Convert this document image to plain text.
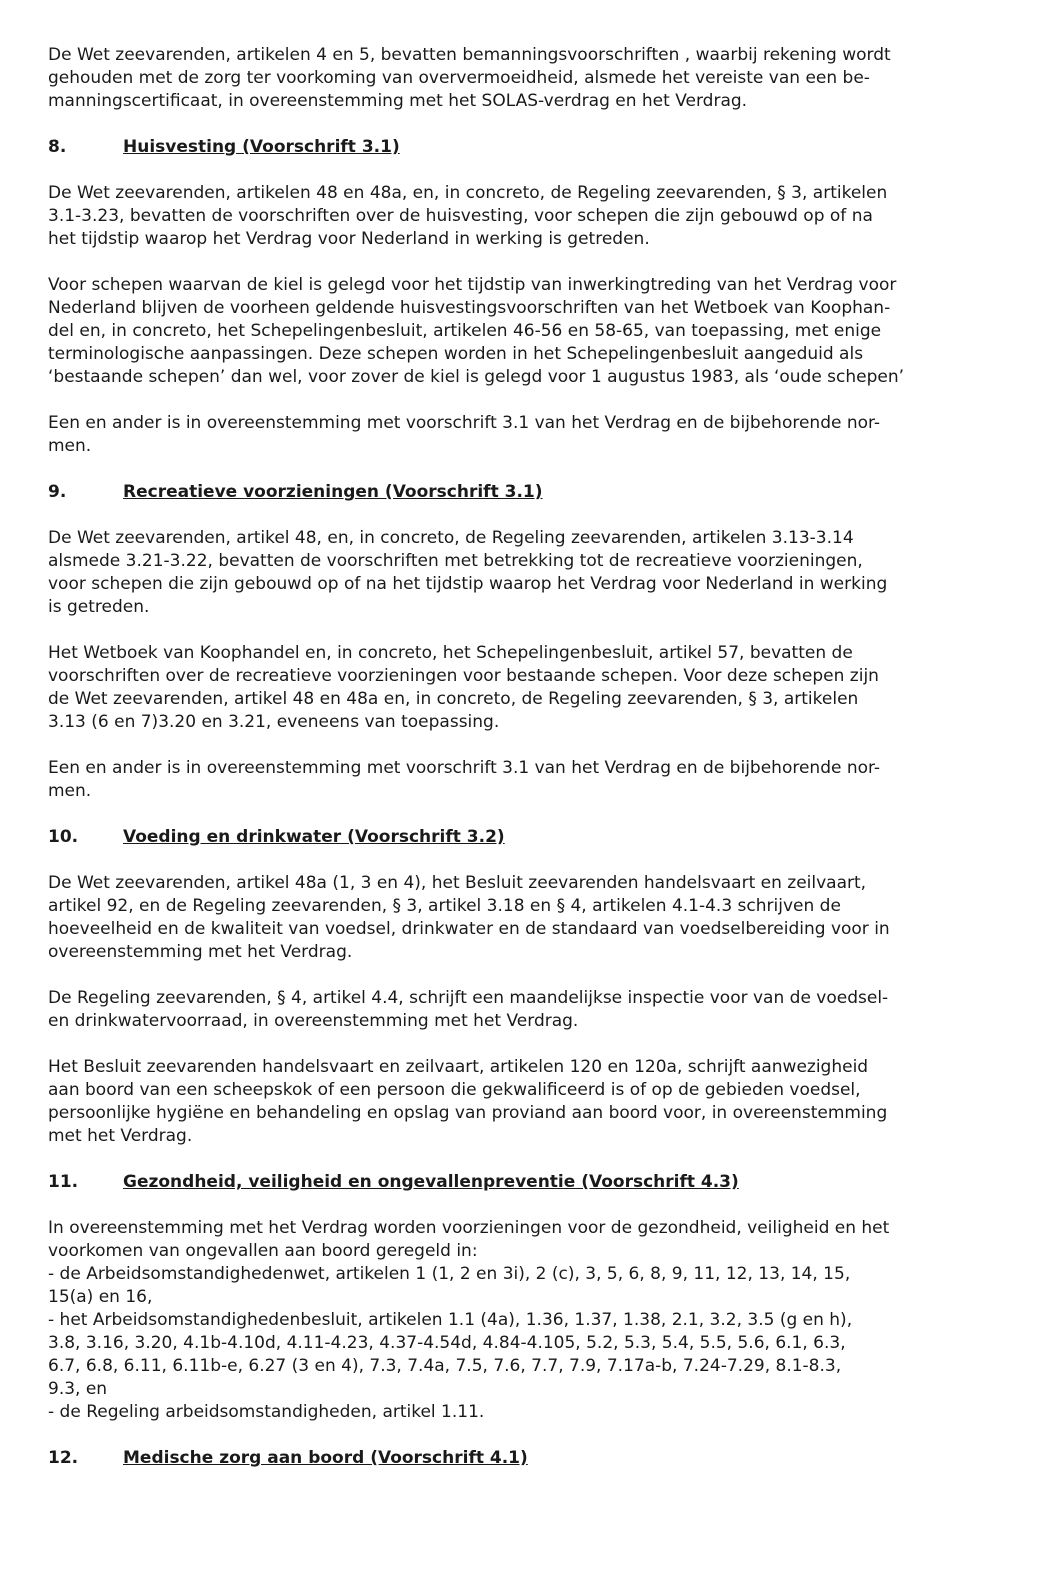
De Wet zeevarenden, artikelen 4 en 5, bevatten bemanningsvoorschriften , waarbij rekening wordt
gehouden met de zorg ter voorkoming van oververmoeidheid, alsmede het vereiste van een be-
manningscertificaat, in overeenstemming met het SOLAS-verdrag en het Verdrag.

8.	Huisvesting (Voorschrift 3.1)

De Wet zeevarenden, artikelen 48 en 48a, en, in concreto, de Regeling zeevarenden, § 3, artikelen
3.1-3.23, bevatten de voorschriften over de huisvesting, voor schepen die zijn gebouwd op of na
het tijdstip waarop het Verdrag voor Nederland in werking is getreden.

Voor schepen waarvan de kiel is gelegd voor het tijdstip van inwerkingtreding van het Verdrag voor
Nederland blijven de voorheen geldende huisvestingsvoorschriften van het Wetboek van Koophan-
del en, in concreto, het Schepelingenbesluit, artikelen 46-56 en 58-65, van toepassing, met enige
terminologische aanpassingen. Deze schepen worden in het Schepelingenbesluit aangeduid als
‘bestaande schepen’ dan wel, voor zover de kiel is gelegd voor 1 augustus 1983, als ‘oude schepen’

Een en ander is in overeenstemming met voorschrift 3.1 van het Verdrag en de bijbehorende nor-
men.

9.	Recreatieve voorzieningen (Voorschrift 3.1)

De Wet zeevarenden, artikel 48, en, in concreto, de Regeling zeevarenden, artikelen 3.13-3.14
alsmede 3.21-3.22, bevatten de voorschriften met betrekking tot de recreatieve voorzieningen,
voor schepen die zijn gebouwd op of na het tijdstip waarop het Verdrag voor Nederland in werking
is getreden.

Het Wetboek van Koophandel en, in concreto, het Schepelingenbesluit, artikel 57, bevatten de
voorschriften over de recreatieve voorzieningen voor bestaande schepen. Voor deze schepen zijn
de Wet zeevarenden, artikel 48 en 48a en, in concreto, de Regeling zeevarenden, § 3, artikelen
3.13 (6 en 7)3.20 en 3.21, eveneens van toepassing.

Een en ander is in overeenstemming met voorschrift 3.1 van het Verdrag en de bijbehorende nor-
men.

10.	Voeding en drinkwater (Voorschrift 3.2)

De Wet zeevarenden, artikel 48a (1, 3 en 4), het Besluit zeevarenden handelsvaart en zeilvaart,
artikel 92, en de Regeling zeevarenden, § 3, artikel 3.18 en § 4, artikelen 4.1-4.3 schrijven de
hoeveelheid en de kwaliteit van voedsel, drinkwater en de standaard van voedselbereiding voor in
overeenstemming met het Verdrag.

De Regeling zeevarenden, § 4, artikel 4.4, schrijft een maandelijkse inspectie voor van de voedsel-
en drinkwatervoorraad, in overeenstemming met het Verdrag.

Het Besluit zeevarenden handelsvaart en zeilvaart, artikelen 120 en 120a, schrijft aanwezigheid
aan boord van een scheepskok of een persoon die gekwalificeerd is of op de gebieden voedsel,
persoonlijke hygiëne en behandeling en opslag van proviand aan boord voor, in overeenstemming
met het Verdrag.

11.	Gezondheid, veiligheid en ongevallenpreventie (Voorschrift 4.3)

In overeenstemming met het Verdrag worden voorzieningen voor de gezondheid, veiligheid en het
voorkomen van ongevallen aan boord geregeld in:
- de Arbeidsomstandighedenwet, artikelen 1 (1, 2 en 3i), 2 (c), 3, 5, 6, 8, 9, 11, 12, 13, 14, 15,
15(a) en 16,
- het Arbeidsomstandighedenbesluit, artikelen 1.1 (4a), 1.36, 1.37, 1.38, 2.1, 3.2, 3.5 (g en h),
3.8, 3.16, 3.20, 4.1b-4.10d, 4.11-4.23, 4.37-4.54d, 4.84-4.105, 5.2, 5.3, 5.4, 5.5, 5.6, 6.1, 6.3,
6.7, 6.8, 6.11, 6.11b-e, 6.27 (3 en 4), 7.3, 7.4a, 7.5, 7.6, 7.7, 7.9, 7.17a-b, 7.24-7.29, 8.1-8.3,
9.3, en
- de Regeling arbeidsomstandigheden, artikel 1.11.

12.	Medische zorg aan boord (Voorschrift 4.1)
